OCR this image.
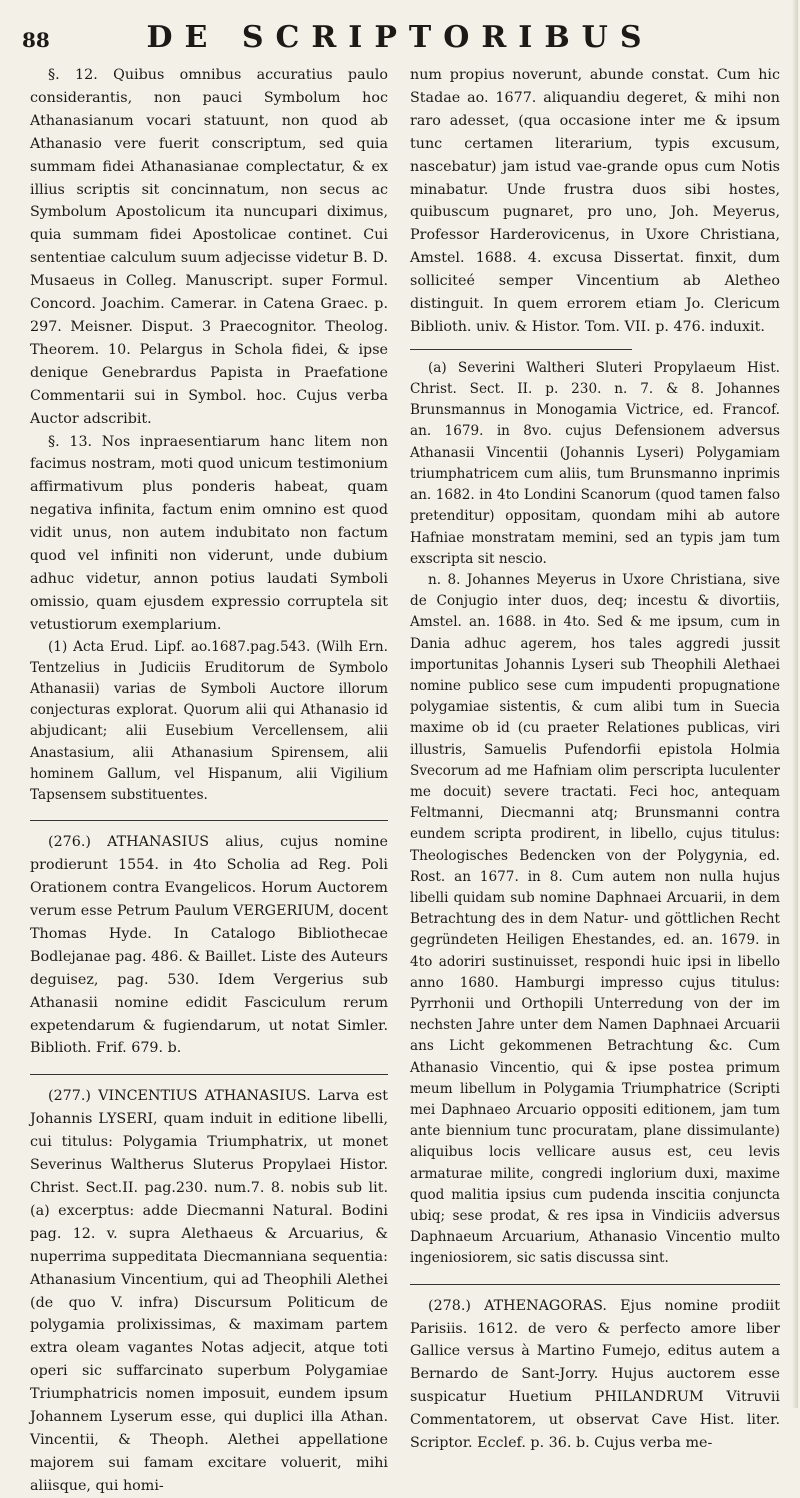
88	DE SCRIPTORIBUS

§. 12. Quibus omnibus accuratius paulo considerantis, non pauci Symbolum hoc Athanasianum vocari statuunt, non quod ab Athanasio vere fuerit conscriptum, sed quia summam fidei Athanasianae complectatur, & ex illius scriptis sit concinnatum, non secus ac Symbolum Apostolicum ita nuncupari diximus, quia summam fidei Apostolicae continet. Cui sententiae calculum suum adjecisse videtur B. D. Musaeus in Colleg. Manuscript. super Formul. Concord. Joachim. Camerar. in Catena Graec. p. 297. Meisner. Disput. 3 Praecognitor. Theolog. Theorem. 10. Pelargus in Schola fidei, & ipse denique Genebrardus Papista in Praefatione Commentarii sui in Symbol. hoc. Cujus verba Auctor adscribit.

§. 13. Nos inpraesentiarum hanc litem non facimus nostram, moti quod unicum testimonium affirmativum plus ponderis habeat, quam negativa infinita, factum enim omnino est quod vidit unus, non autem indubitato non factum quod vel infiniti non viderunt, unde dubium adhuc videtur, annon potius laudati Symboli omissio, quam ejusdem expressio corruptela sit vetustiorum exemplarium.

(1) Acta Erud. Lipf. ao.1687.pag.543. (Wilh Ern. Tentzelius in Judiciis Eruditorum de Symbolo Athanasii) varias de Symboli Auctore illorum conjecturas explorat. Quorum alii qui Athanasio id abjudicant; alii Eusebium Vercellensem, alii Anastasium, alii Athanasium Spirensem, alii hominem Gallum, vel Hispanum, alii Vigilium Tapsensem substituentes.

(276.) ATHANASIUS alius, cujus nomine prodierunt 1554. in 4to Scholia ad Reg. Poli Orationem contra Evangelicos. Horum Auctorem verum esse Petrum Paulum VERGERIUM, docent Thomas Hyde. In Catalogo Bibliothecae Bodlejanae pag. 486. & Baillet. Liste des Auteurs deguisez, pag. 530. Idem Vergerius sub Athanasii nomine edidit Fasciculum rerum expetendarum & fugiendarum, ut notat Simler. Biblioth. Frif. 679. b.

(277.) VINCENTIUS ATHANASIUS. Larva est Johannis LYSERI, quam induit in editione libelli, cui titulus: Polygamia Triumphatrix, ut monet Severinus Waltherus Sluterus Propylaei Histor. Christ. Sect.II. pag.230. num.7. 8. nobis sub lit. (a) excerptus: adde Diecmanni Natural. Bodini pag. 12. v. supra Alethaeus & Arcuarius, & nuperrima suppeditata Diecmanniana sequentia: Athanasium Vincentium, qui ad Theophili Alethei (de quo V. infra) Discursum Politicum de polygamia prolixissimas, & maximam partem extra oleam vagantes Notas adjecit, atque toti operi sic suffarcinato superbum Polygamiae Triumphatricis nomen imposuit, eundem ipsum Johannem Lyserum esse, qui duplici illa Athan. Vincentii, & Theoph. Alethei appellatione majorem sui famam excitare voluerit, mihi aliisque, qui homi-

num propius noverunt, abunde constat. Cum hic Stadae ao. 1677. aliquandiu degeret, & mihi non raro adesset, (qua occasione inter me & ipsum tunc certamen literarium, typis excusum, nascebatur) jam istud vae-grande opus cum Notis minabatur. Unde frustra duos sibi hostes, quibuscum pugnaret, pro uno, Joh. Meyerus, Professor Harderovicenus, in Uxore Christiana, Amstel. 1688. 4. excusa Dissertat. finxit, dum solliciteé semper Vincentium ab Aletheo distinguit. In quem errorem etiam Jo. Clericum Biblioth. univ. & Histor. Tom. VII. p. 476. induxit.

(a) Severini Waltheri Sluteri Propylaeum Hist. Christ. Sect. II. p. 230. n. 7. & 8. Johannes Brunsmannus in Monogamia Victrice, ed. Francof. an. 1679. in 8vo. cujus Defensionem adversus Athanasii Vincentii (Johannis Lyseri) Polygamiam triumphatricem cum aliis, tum Brunsmanno inprimis an. 1682. in 4to Londini Scanorum (quod tamen falso pretenditur) oppositam, quondam mihi ab autore Hafniae monstratam memini, sed an typis jam tum exscripta sit nescio.

n. 8. Johannes Meyerus in Uxore Christiana, sive de Conjugio inter duos, deq; incestu & divortiis, Amstel. an. 1688. in 4to. Sed & me ipsum, cum in Dania adhuc agerem, hos tales aggredi jussit importunitas Johannis Lyseri sub Theophili Alethaei nomine publico sese cum impudenti propugnatione polygamiae sistentis, & cum alibi tum in Suecia maxime ob id (cu praeter Relationes publicas, viri illustris, Samuelis Pufendorfii epistola Holmia Svecorum ad me Hafniam olim perscripta luculenter me docuit) severe tractati. Feci hoc, antequam Feltmanni, Diecmanni atq; Brunsmanni contra eundem scripta prodirent, in libello, cujus titulus: Theologisches Bedencken von der Polygynia, ed. Rost. an 1677. in 8. Cum autem non nulla hujus libelli quidam sub nomine Daphnaei Arcuarii, in dem Betrachtung des in dem Natur- und göttlichen Recht gegründeten Heiligen Ehestandes, ed. an. 1679. in 4to adoriri sustinuisset, respondi huic ipsi in libello anno 1680. Hamburgi impresso cujus titulus: Pyrrhonii und Orthopili Unterredung von der im nechsten Jahre unter dem Namen Daphnaei Arcuarii ans Licht gekommenen Betrachtung &c. Cum Athanasio Vincentio, qui & ipse postea primum meum libellum in Polygamia Triumphatrice (Scripti mei Daphnaeo Arcuario oppositi editionem, jam tum ante biennium tunc procuratam, plane dissimulante) aliquibus locis vellicare ausus est, ceu levis armaturae milite, congredi inglorium duxi, maxime quod malitia ipsius cum pudenda inscitia conjuncta ubiq; sese prodat, & res ipsa in Vindiciis adversus Daphnaeum Arcuarium, Athanasio Vincentio multo ingeniosiorem, sic satis discussa sint.

(278.) ATHENAGORAS. Ejus nomine prodiit Parisiis. 1612. de vero & perfecto amore liber Gallice versus à Martino Fumejo, editus autem a Bernardo de Sant-Jorry. Hujus auctorem esse suspicatur Huetium PHILANDRUM Vitruvii Commentatorem, ut observat Cave Hist. liter. Scriptor. Ecclef. p. 36. b. Cujus verba me-
